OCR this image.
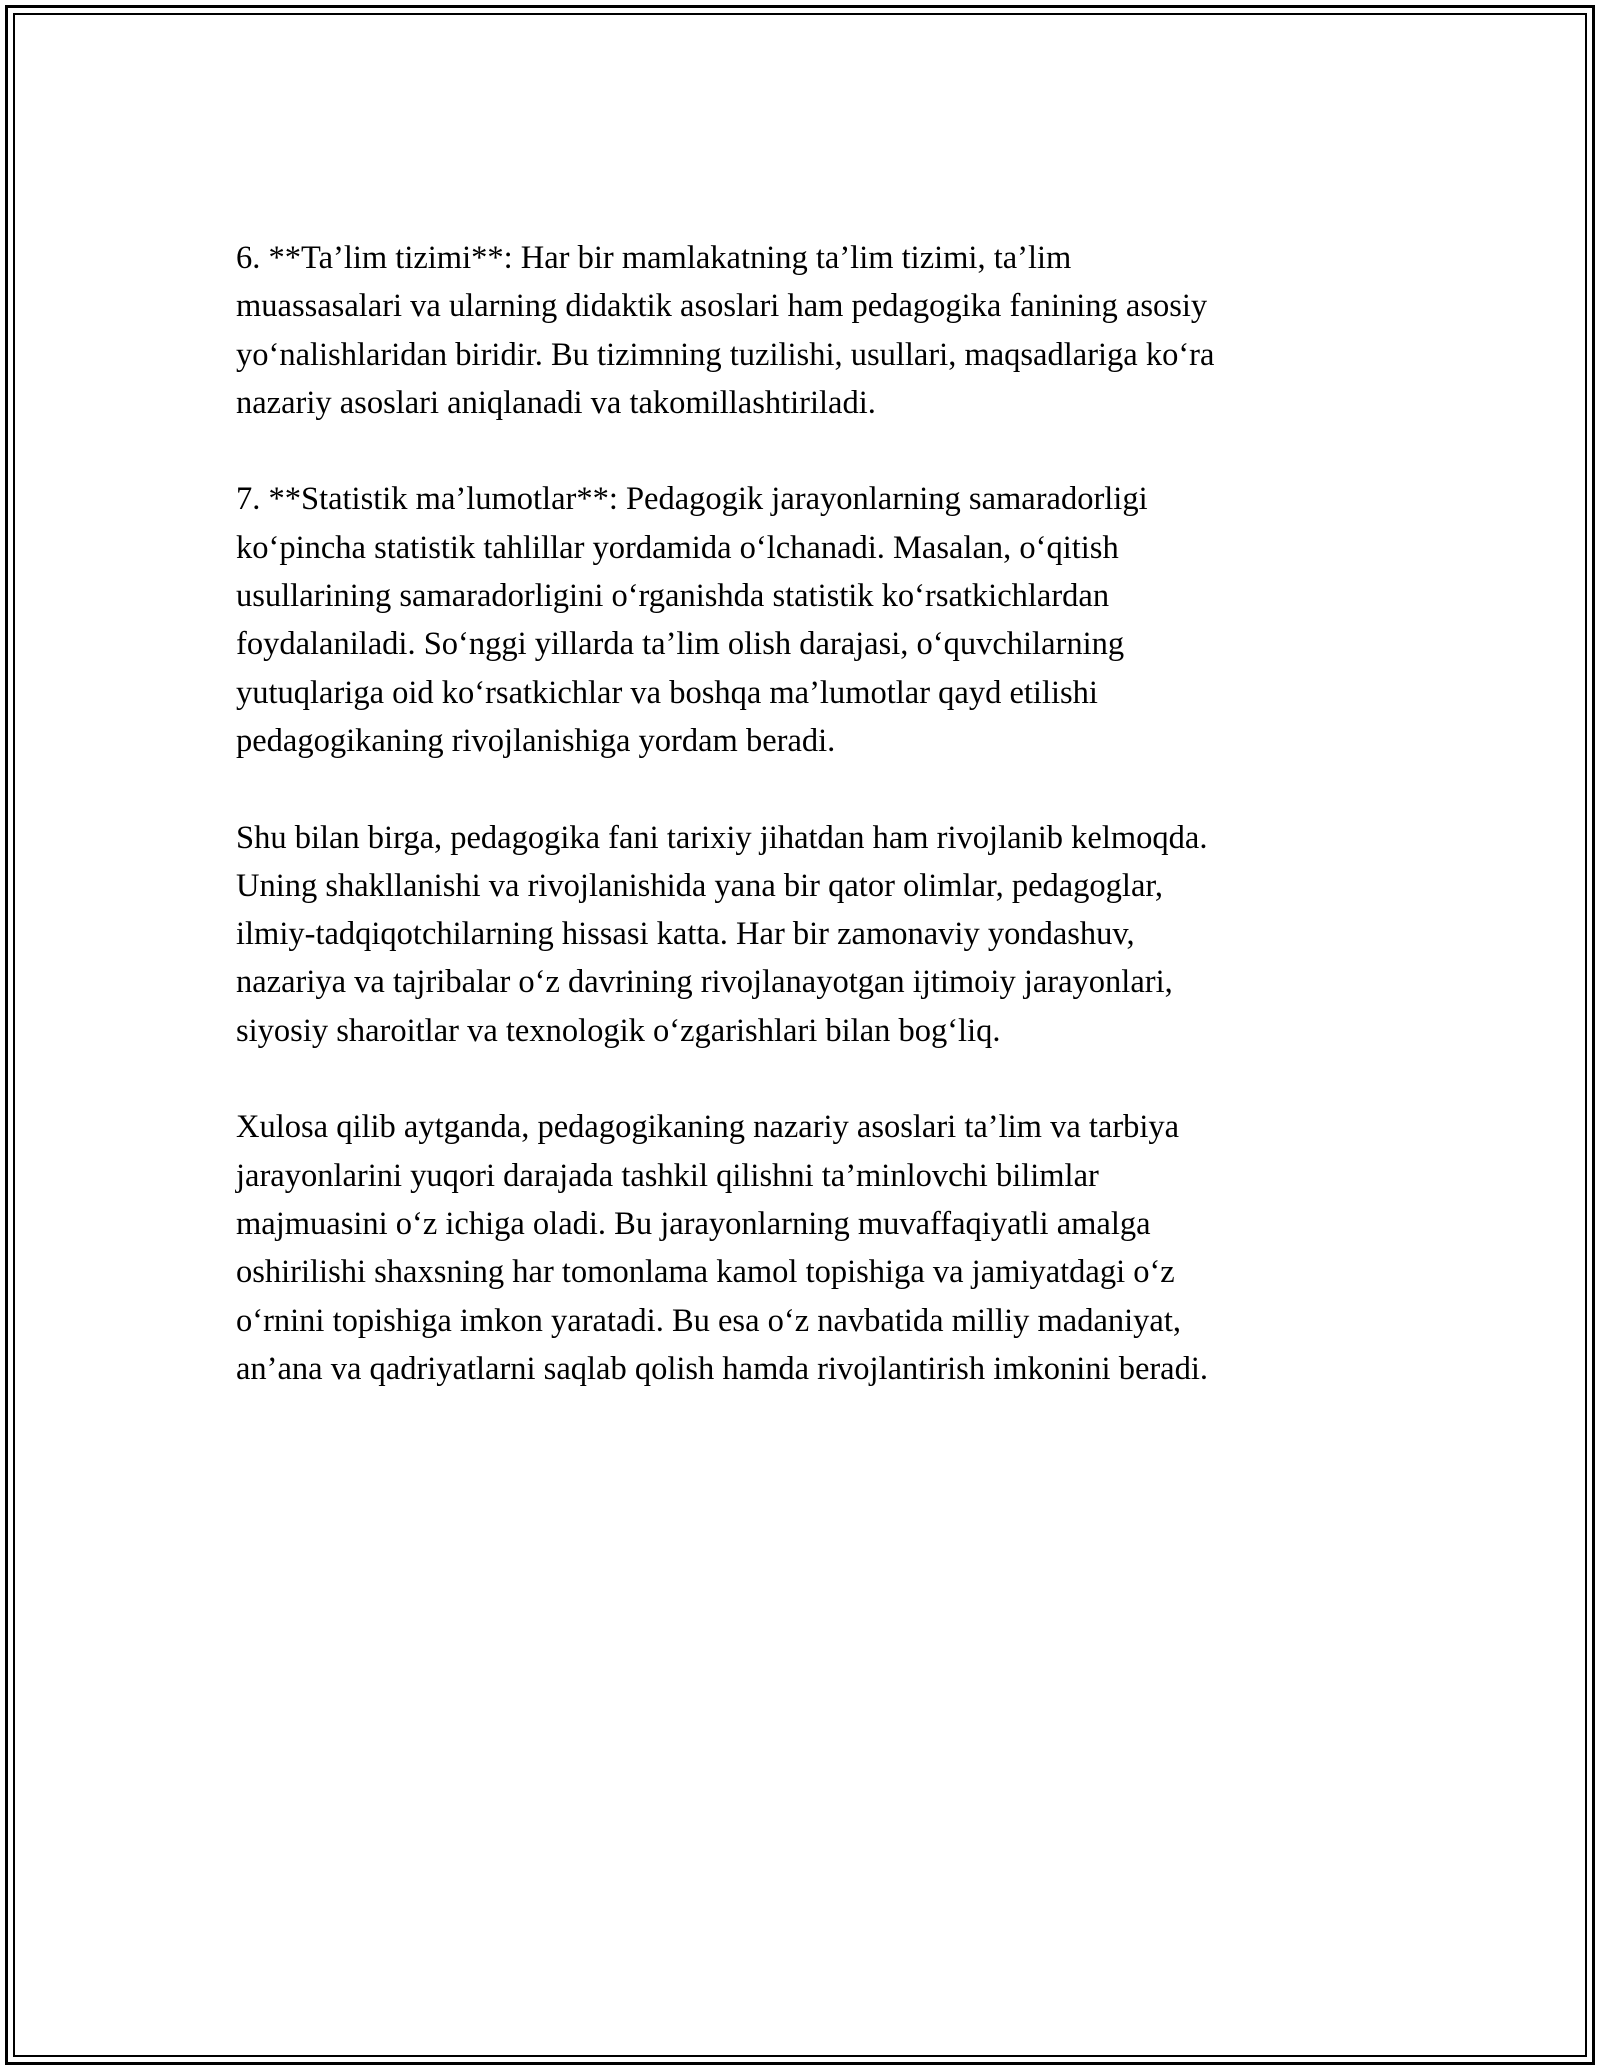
6. **Ta’lim tizimi**: Har bir mamlakatning ta’lim tizimi, ta’lim
muassasalari va ularning didaktik asoslari ham pedagogika fanining asosiy
yo‘nalishlaridan biridir. Bu tizimning tuzilishi, usullari, maqsadlariga ko‘ra
nazariy asoslari aniqlanadi va takomillashtiriladi.

7. **Statistik ma’lumotlar**: Pedagogik jarayonlarning samaradorligi
ko‘pincha statistik tahlillar yordamida o‘lchanadi. Masalan, o‘qitish
usullarining samaradorligini o‘rganishda statistik ko‘rsatkichlardan
foydalaniladi. So‘nggi yillarda ta’lim olish darajasi, o‘quvchilarning
yutuqlariga oid ko‘rsatkichlar va boshqa ma’lumotlar qayd etilishi
pedagogikaning rivojlanishiga yordam beradi.

Shu bilan birga, pedagogika fani tarixiy jihatdan ham rivojlanib kelmoqda.
Uning shakllanishi va rivojlanishida yana bir qator olimlar, pedagoglar,
ilmiy-tadqiqotchilarning hissasi katta. Har bir zamonaviy yondashuv,
nazariya va tajribalar o‘z davrining rivojlanayotgan ijtimoiy jarayonlari,
siyosiy sharoitlar va texnologik o‘zgarishlari bilan bog‘liq.

Xulosa qilib aytganda, pedagogikaning nazariy asoslari ta’lim va tarbiya
jarayonlarini yuqori darajada tashkil qilishni ta’minlovchi bilimlar
majmuasini o‘z ichiga oladi. Bu jarayonlarning muvaffaqiyatli amalga
oshirilishi shaxsning har tomonlama kamol topishiga va jamiyatdagi o‘z
o‘rnini topishiga imkon yaratadi. Bu esa o‘z navbatida milliy madaniyat,
an’ana va qadriyatlarni saqlab qolish hamda rivojlantirish imkonini beradi.
